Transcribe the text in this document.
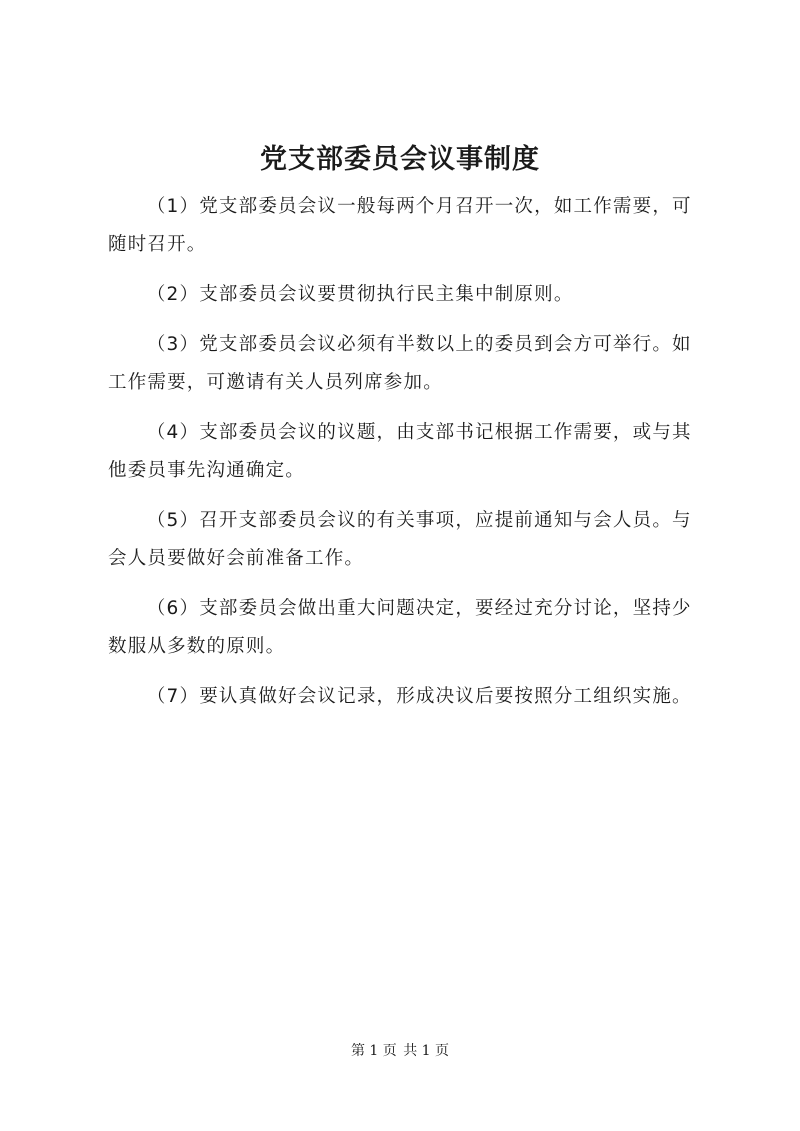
党支部委员会议事制度

（1）党支部委员会议一般每两个月召开一次，如工作需要，可随时召开。

（2）支部委员会议要贯彻执行民主集中制原则。

（3）党支部委员会议必须有半数以上的委员到会方可举行。如工作需要，可邀请有关人员列席参加。

（4）支部委员会议的议题，由支部书记根据工作需要，或与其他委员事先沟通确定。

（5）召开支部委员会议的有关事项，应提前通知与会人员。与会人员要做好会前准备工作。

（6）支部委员会做出重大问题决定，要经过充分讨论，坚持少数服从多数的原则。

（7）要认真做好会议记录，形成决议后要按照分工组织实施。

第 1 页 共 1 页
